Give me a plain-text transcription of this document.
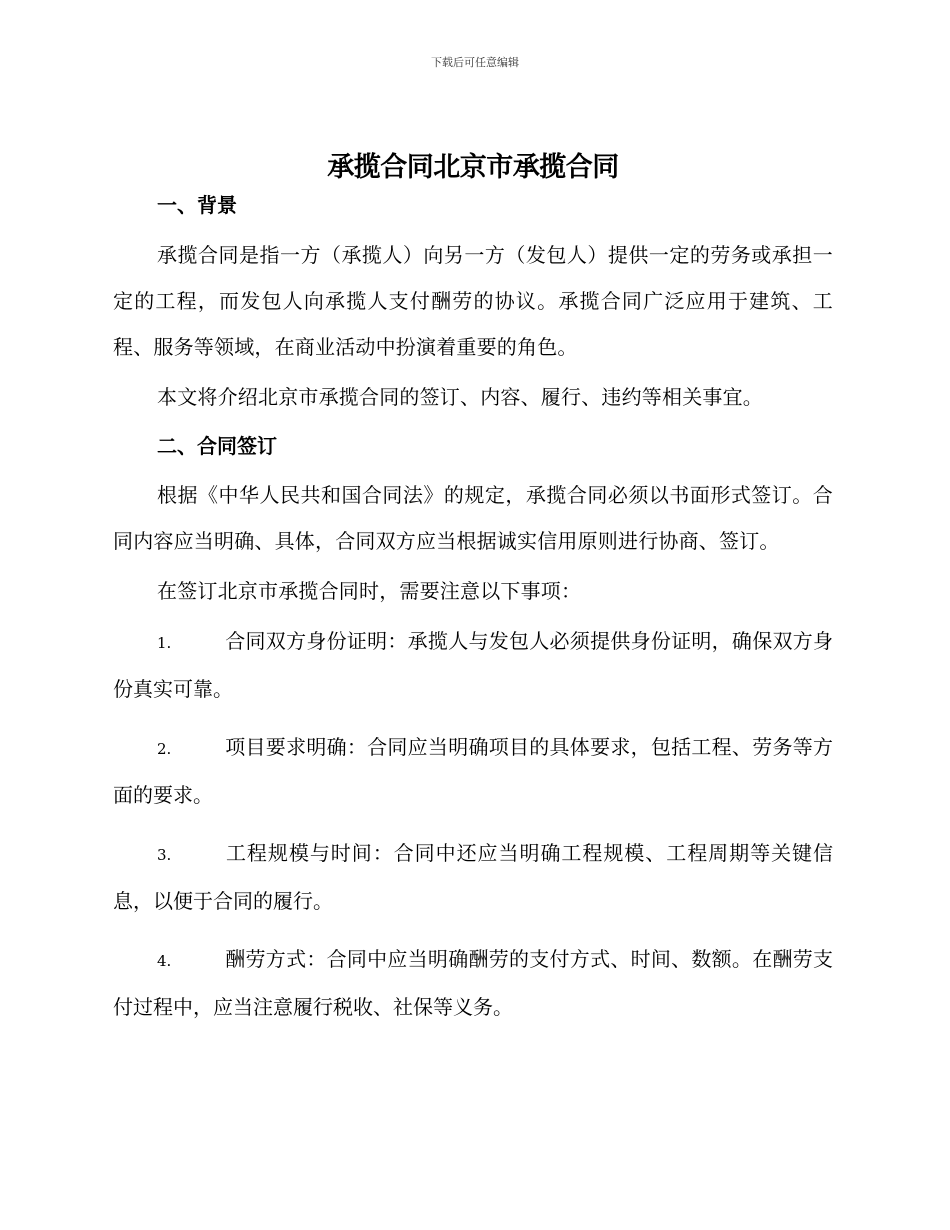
下载后可任意编辑
承揽合同北京市承揽合同
一、背景

承揽合同是指一方（承揽人）向另一方（发包人）提供一定的劳务或承担一定的工程，而发包人向承揽人支付酬劳的协议。承揽合同广泛应用于建筑、工程、服务等领域，在商业活动中扮演着重要的角色。

本文将介绍北京市承揽合同的签订、内容、履行、违约等相关事宜。

二、合同签订

根据《中华人民共和国合同法》的规定，承揽合同必须以书面形式签订。合同内容应当明确、具体，合同双方应当根据诚实信用原则进行协商、签订。

在签订北京市承揽合同时，需要注意以下事项：

1.	合同双方身份证明：承揽人与发包人必须提供身份证明，确保双方身份真实可靠。

2.	项目要求明确：合同应当明确项目的具体要求，包括工程、劳务等方面的要求。

3.	工程规模与时间：合同中还应当明确工程规模、工程周期等关键信息，以便于合同的履行。

4.	酬劳方式：合同中应当明确酬劳的支付方式、时间、数额。在酬劳支付过程中，应当注意履行税收、社保等义务。
